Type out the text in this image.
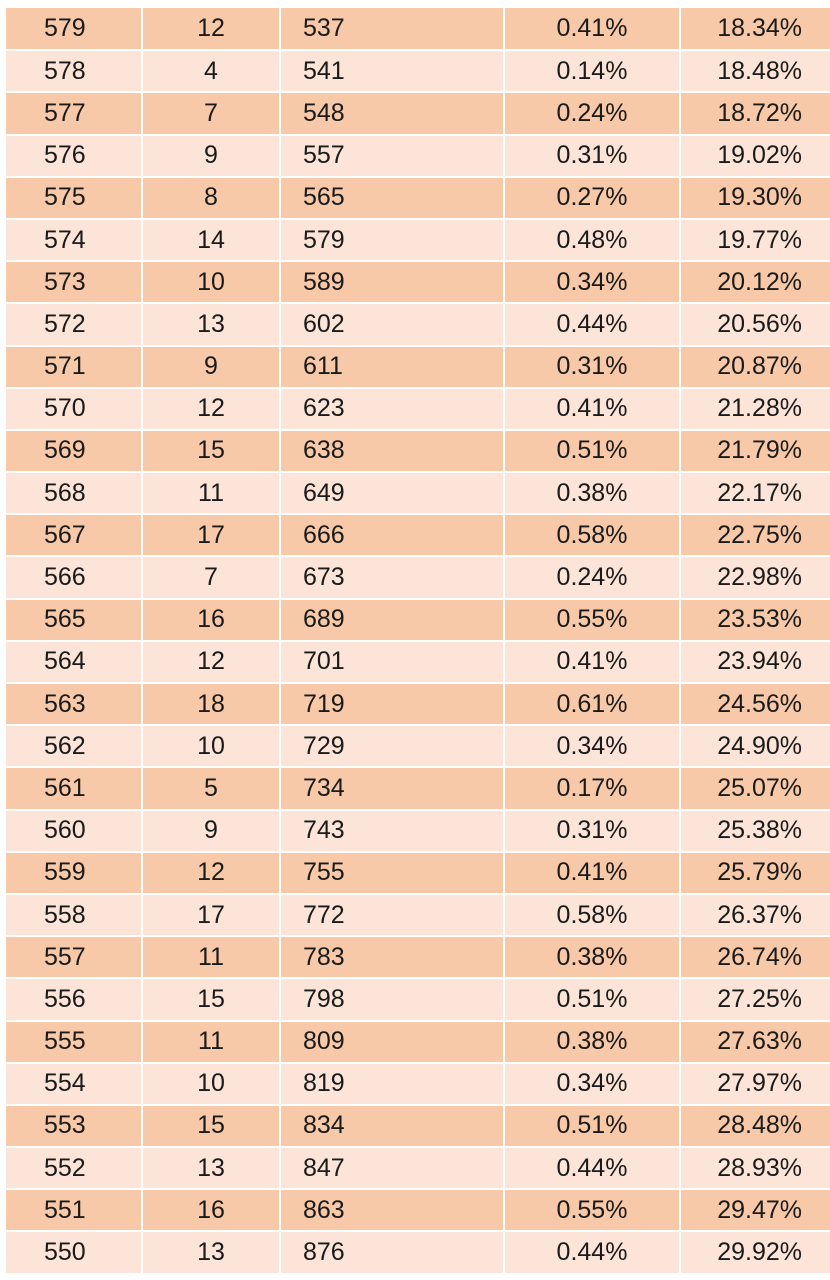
579	12	537	0.41%	18.34%
578	4	541	0.14%	18.48%
577	7	548	0.24%	18.72%
576	9	557	0.31%	19.02%
575	8	565	0.27%	19.30%
574	14	579	0.48%	19.77%
573	10	589	0.34%	20.12%
572	13	602	0.44%	20.56%
571	9	611	0.31%	20.87%
570	12	623	0.41%	21.28%
569	15	638	0.51%	21.79%
568	11	649	0.38%	22.17%
567	17	666	0.58%	22.75%
566	7	673	0.24%	22.98%
565	16	689	0.55%	23.53%
564	12	701	0.41%	23.94%
563	18	719	0.61%	24.56%
562	10	729	0.34%	24.90%
561	5	734	0.17%	25.07%
560	9	743	0.31%	25.38%
559	12	755	0.41%	25.79%
558	17	772	0.58%	26.37%
557	11	783	0.38%	26.74%
556	15	798	0.51%	27.25%
555	11	809	0.38%	27.63%
554	10	819	0.34%	27.97%
553	15	834	0.51%	28.48%
552	13	847	0.44%	28.93%
551	16	863	0.55%	29.47%
550	13	876	0.44%	29.92%
